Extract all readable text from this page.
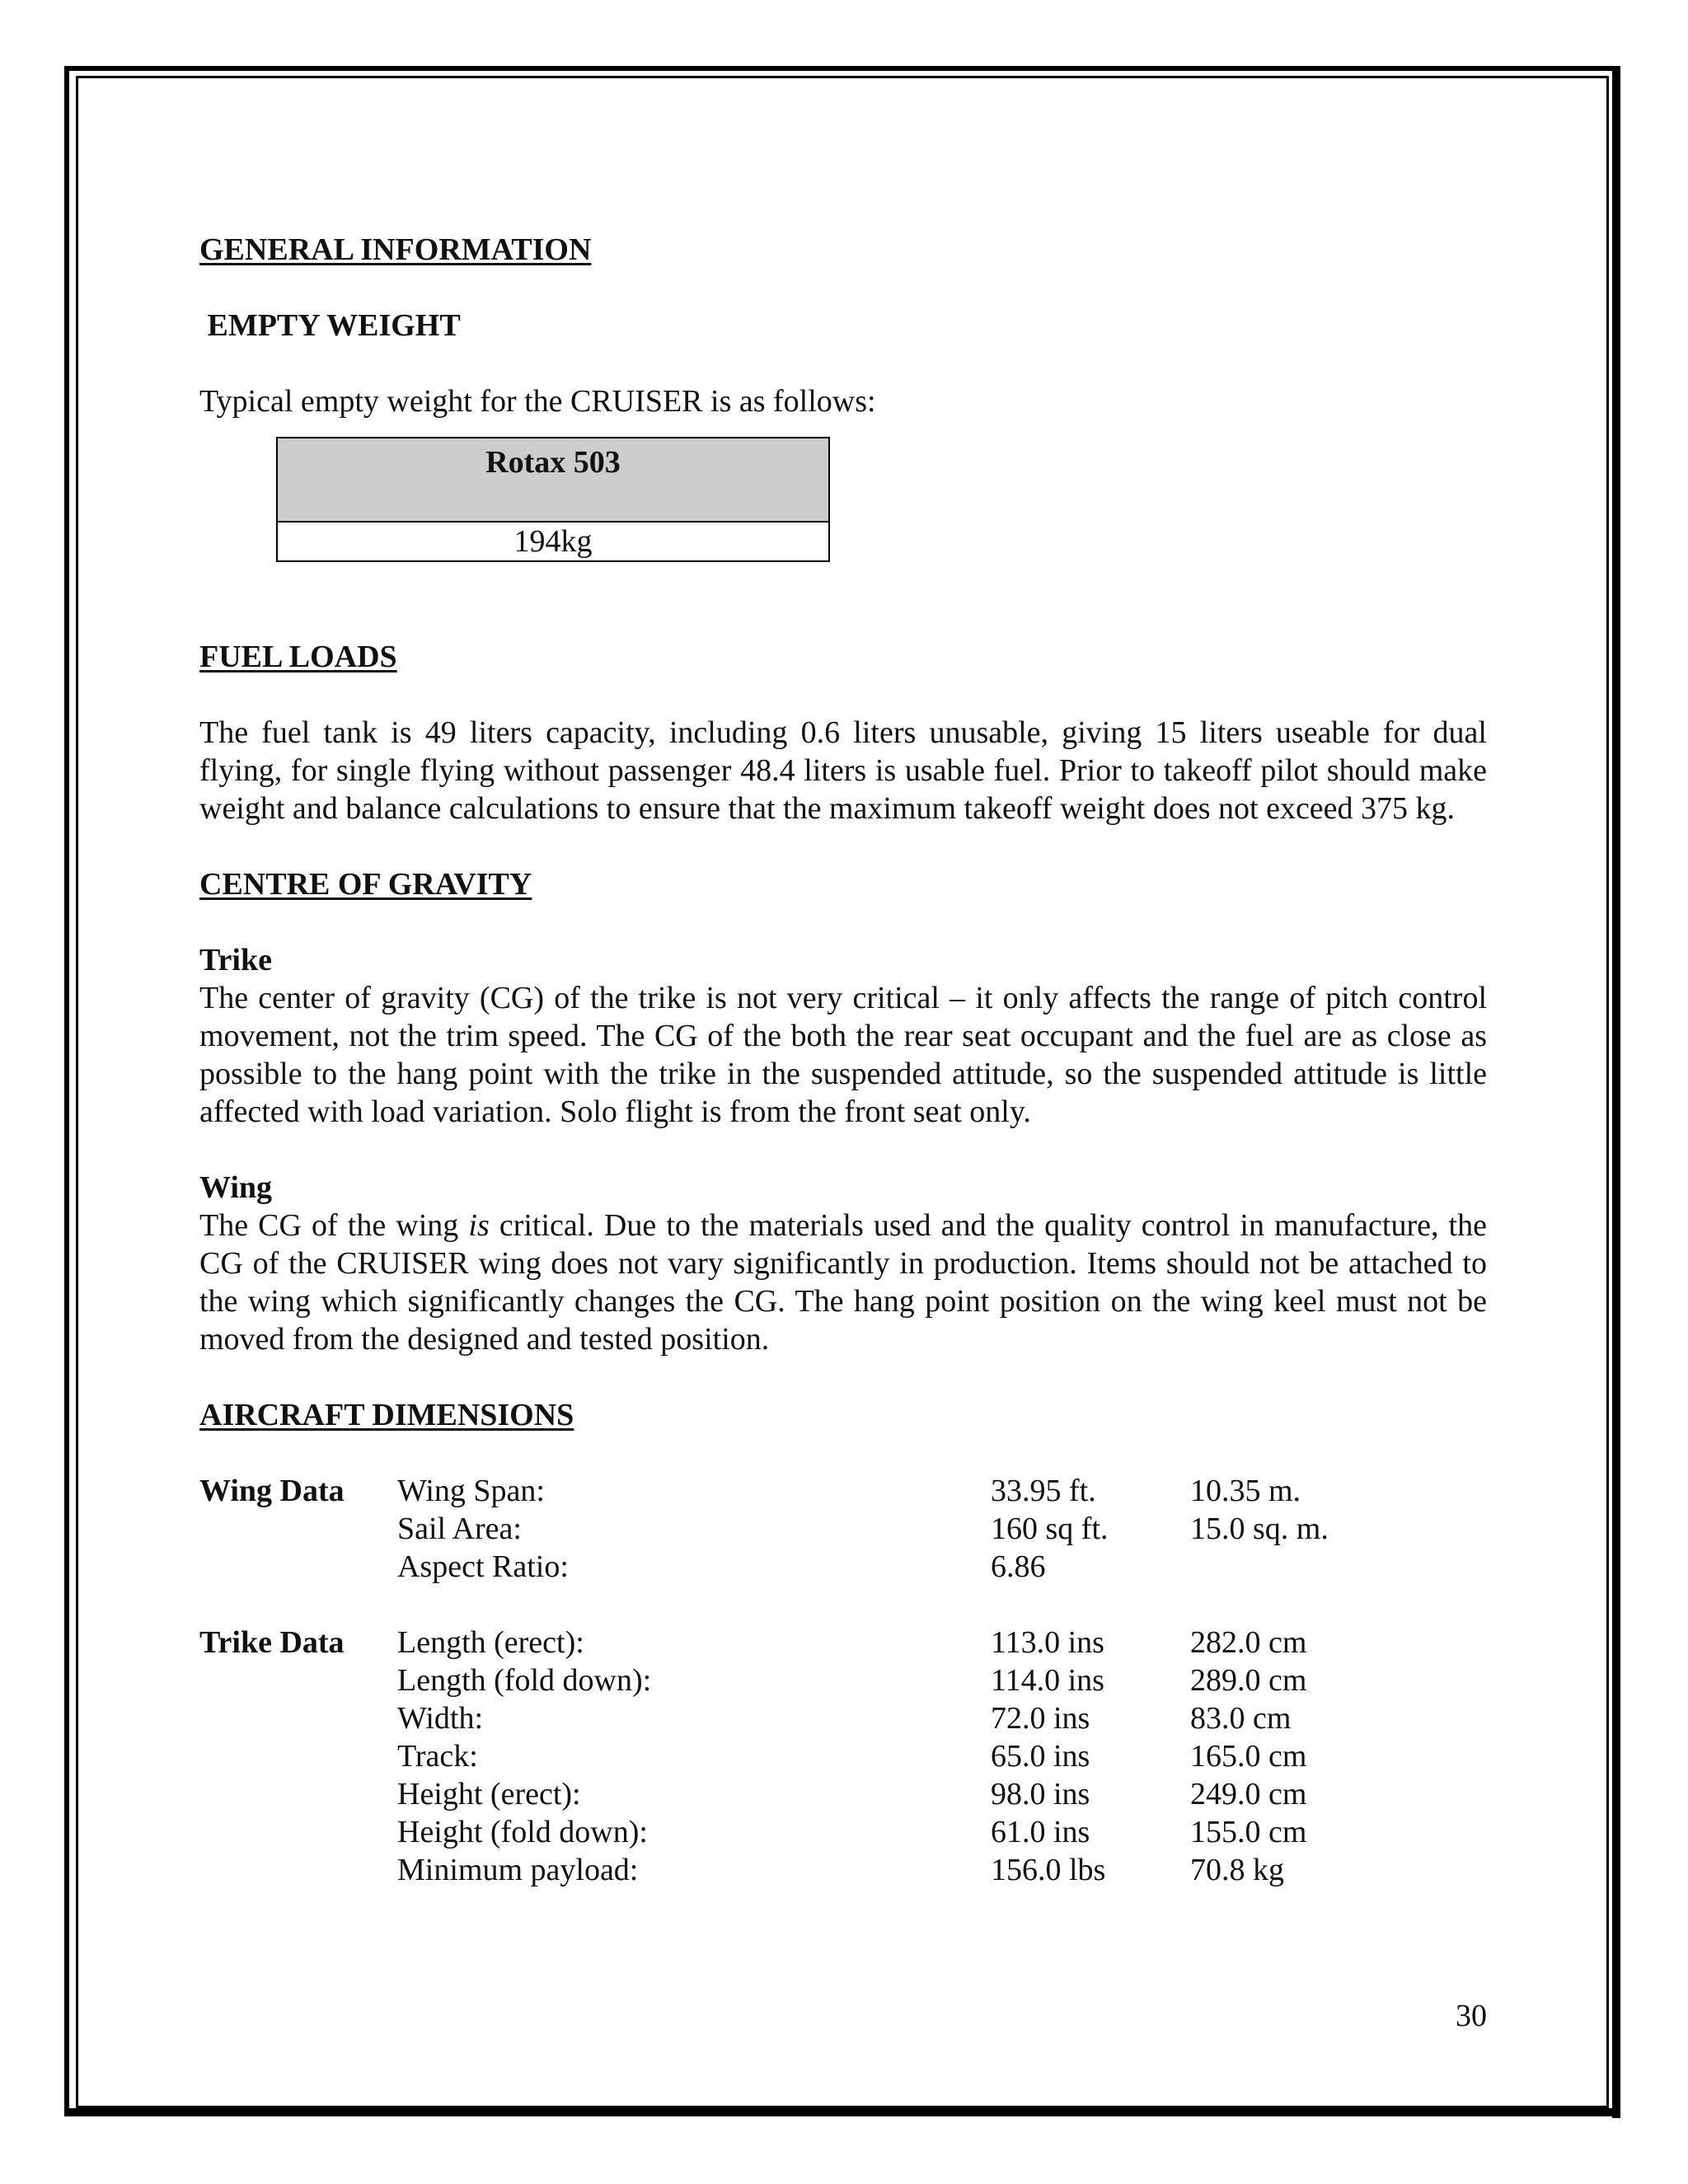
GENERAL INFORMATION

EMPTY WEIGHT

Typical empty weight for the CRUISER is as follows:

Rotax 503
194kg

FUEL LOADS

The fuel tank is 49 liters capacity, including 0.6 liters unusable, giving 15 liters useable for dual flying, for single flying without passenger 48.4 liters is usable fuel. Prior to takeoff pilot should make weight and balance calculations to ensure that the maximum takeoff weight does not exceed 375 kg.

CENTRE OF GRAVITY

Trike

The center of gravity (CG) of the trike is not very critical – it only affects the range of pitch control movement, not the trim speed. The CG of the both the rear seat occupant and the fuel are as close as possible to the hang point with the trike in the suspended attitude, so the suspended attitude is little affected with load variation. Solo flight is from the front seat only.

Wing

The CG of the wing is critical. Due to the materials used and the quality control in manufacture, the CG of the CRUISER wing does not vary significantly in production. Items should not be attached to the wing which significantly changes the CG. The hang point position on the wing keel must not be moved from the designed and tested position.

AIRCRAFT DIMENSIONS

Wing Data	Wing Span:	33.95 ft.	10.35 m.
Sail Area:	160 sq ft.	15.0 sq. m.
Aspect Ratio:	6.86
Trike Data	Length (erect):	113.0 ins	282.0 cm
Length (fold down):	114.0 ins	289.0 cm
Width:	72.0 ins	83.0 cm
Track:	65.0 ins	165.0 cm
Height (erect):	98.0 ins	249.0 cm
Height (fold down):	61.0 ins	155.0 cm
Minimum payload:	156.0 lbs	70.8 kg
30
